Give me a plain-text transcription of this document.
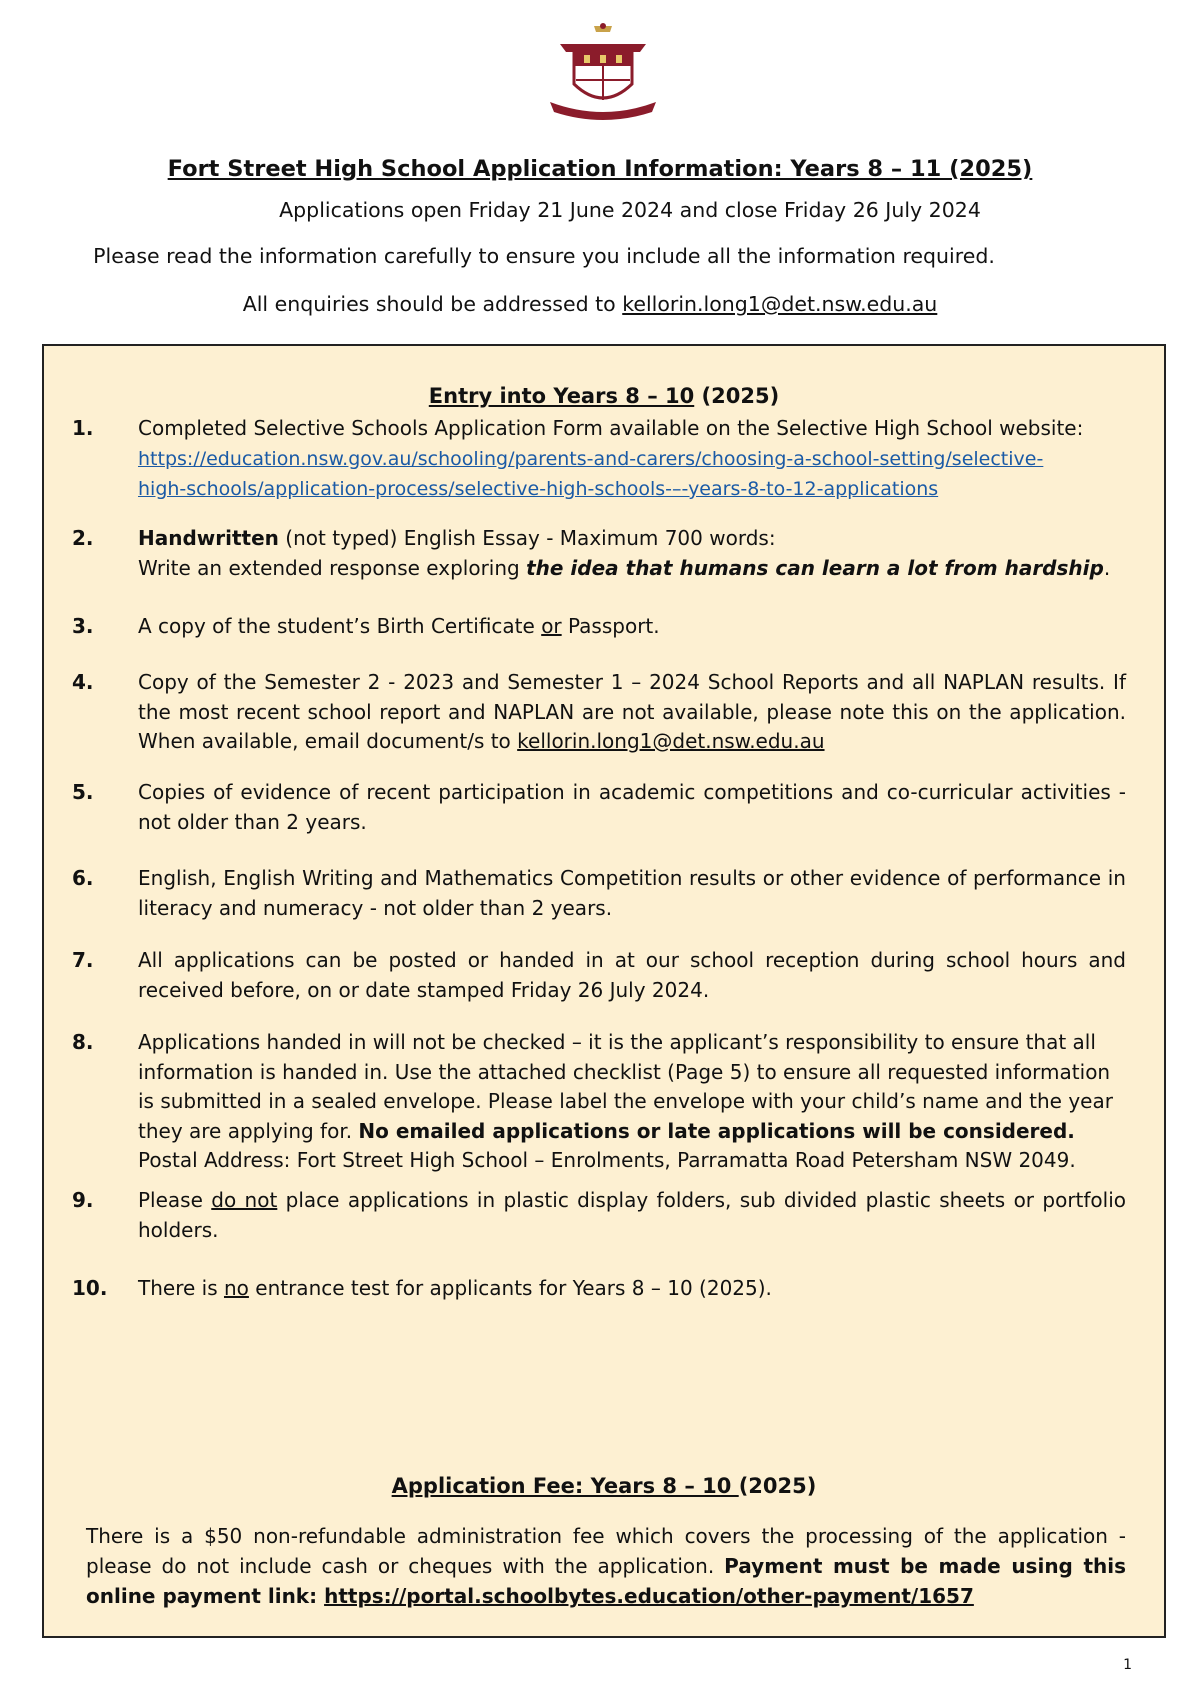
Fort Street High School Application Information: Years 8 – 11 (2025)
Applications open Friday 21 June 2024 and close Friday 26 July 2024
Please read the information carefully to ensure you include all the information required.
All enquiries should be addressed to kellorin.long1@det.nsw.edu.au
Entry into Years 8 – 10 (2025)
1. Completed Selective Schools Application Form available on the Selective High School website:
https://education.nsw.gov.au/schooling/parents-and-carers/choosing-a-school-setting/selective-
high-schools/application-process/selective-high-schools-–-years-8-to-12-applications
2. Handwritten (not typed) English Essay - Maximum 700 words:
Write an extended response exploring the idea that humans can learn a lot from hardship.
3. A copy of the student’s Birth Certificate or Passport.
4. Copy of the Semester 2 - 2023 and Semester 1 – 2024 School Reports and all NAPLAN results. If the most recent school report and NAPLAN are not available, please note this on the application. When available, email document/s to kellorin.long1@det.nsw.edu.au
5. Copies of evidence of recent participation in academic competitions and co-curricular activities - not older than 2 years.
6. English, English Writing and Mathematics Competition results or other evidence of performance in literacy and numeracy - not older than 2 years.
7. All applications can be posted or handed in at our school reception during school hours and received before, on or date stamped Friday 26 July 2024.
8. Applications handed in will not be checked – it is the applicant’s responsibility to ensure that all information is handed in. Use the attached checklist (Page 5) to ensure all requested information is submitted in a sealed envelope. Please label the envelope with your child’s name and the year they are applying for. No emailed applications or late applications will be considered.
Postal Address: Fort Street High School – Enrolments, Parramatta Road Petersham NSW 2049.
9. Please do not place applications in plastic display folders, sub divided plastic sheets or portfolio holders.
10. There is no entrance test for applicants for Years 8 – 10 (2025).
Application Fee: Years 8 – 10 (2025)
There is a $50 non-refundable administration fee which covers the processing of the application - please do not include cash or cheques with the application. Payment must be made using this online payment link: https://portal.schoolbytes.education/other-payment/1657
1
